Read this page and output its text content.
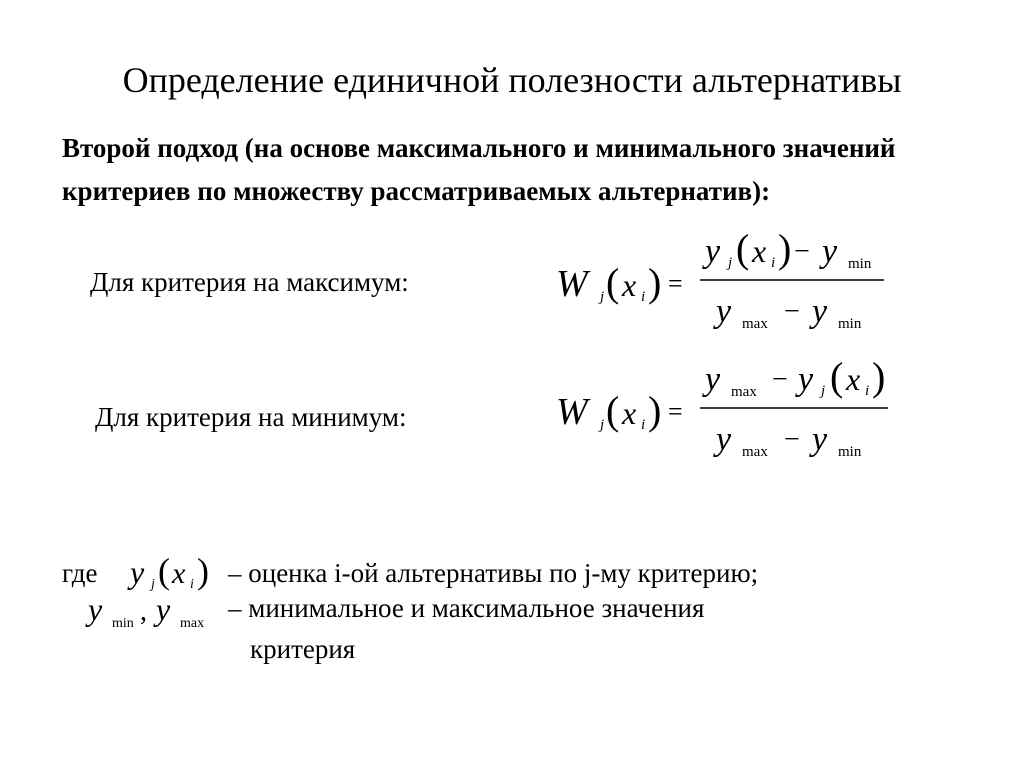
Определение единичной полезности альтернативы
Второй подход (на основе максимального и минимального значений критериев по множеству рассматриваемых альтернатив):
Для критерия на максимум:
Для критерия на минимум:
W j ( x i ) =
y j ( x i ) − y min
y max − y min
W j ( x i ) =
y max − y j ( x i )
y max − y min
где y j ( x i )
y min , y max
– оценка i-ой альтернативы по j-му критерию;
– минимальное и максимальное значения
критерия
